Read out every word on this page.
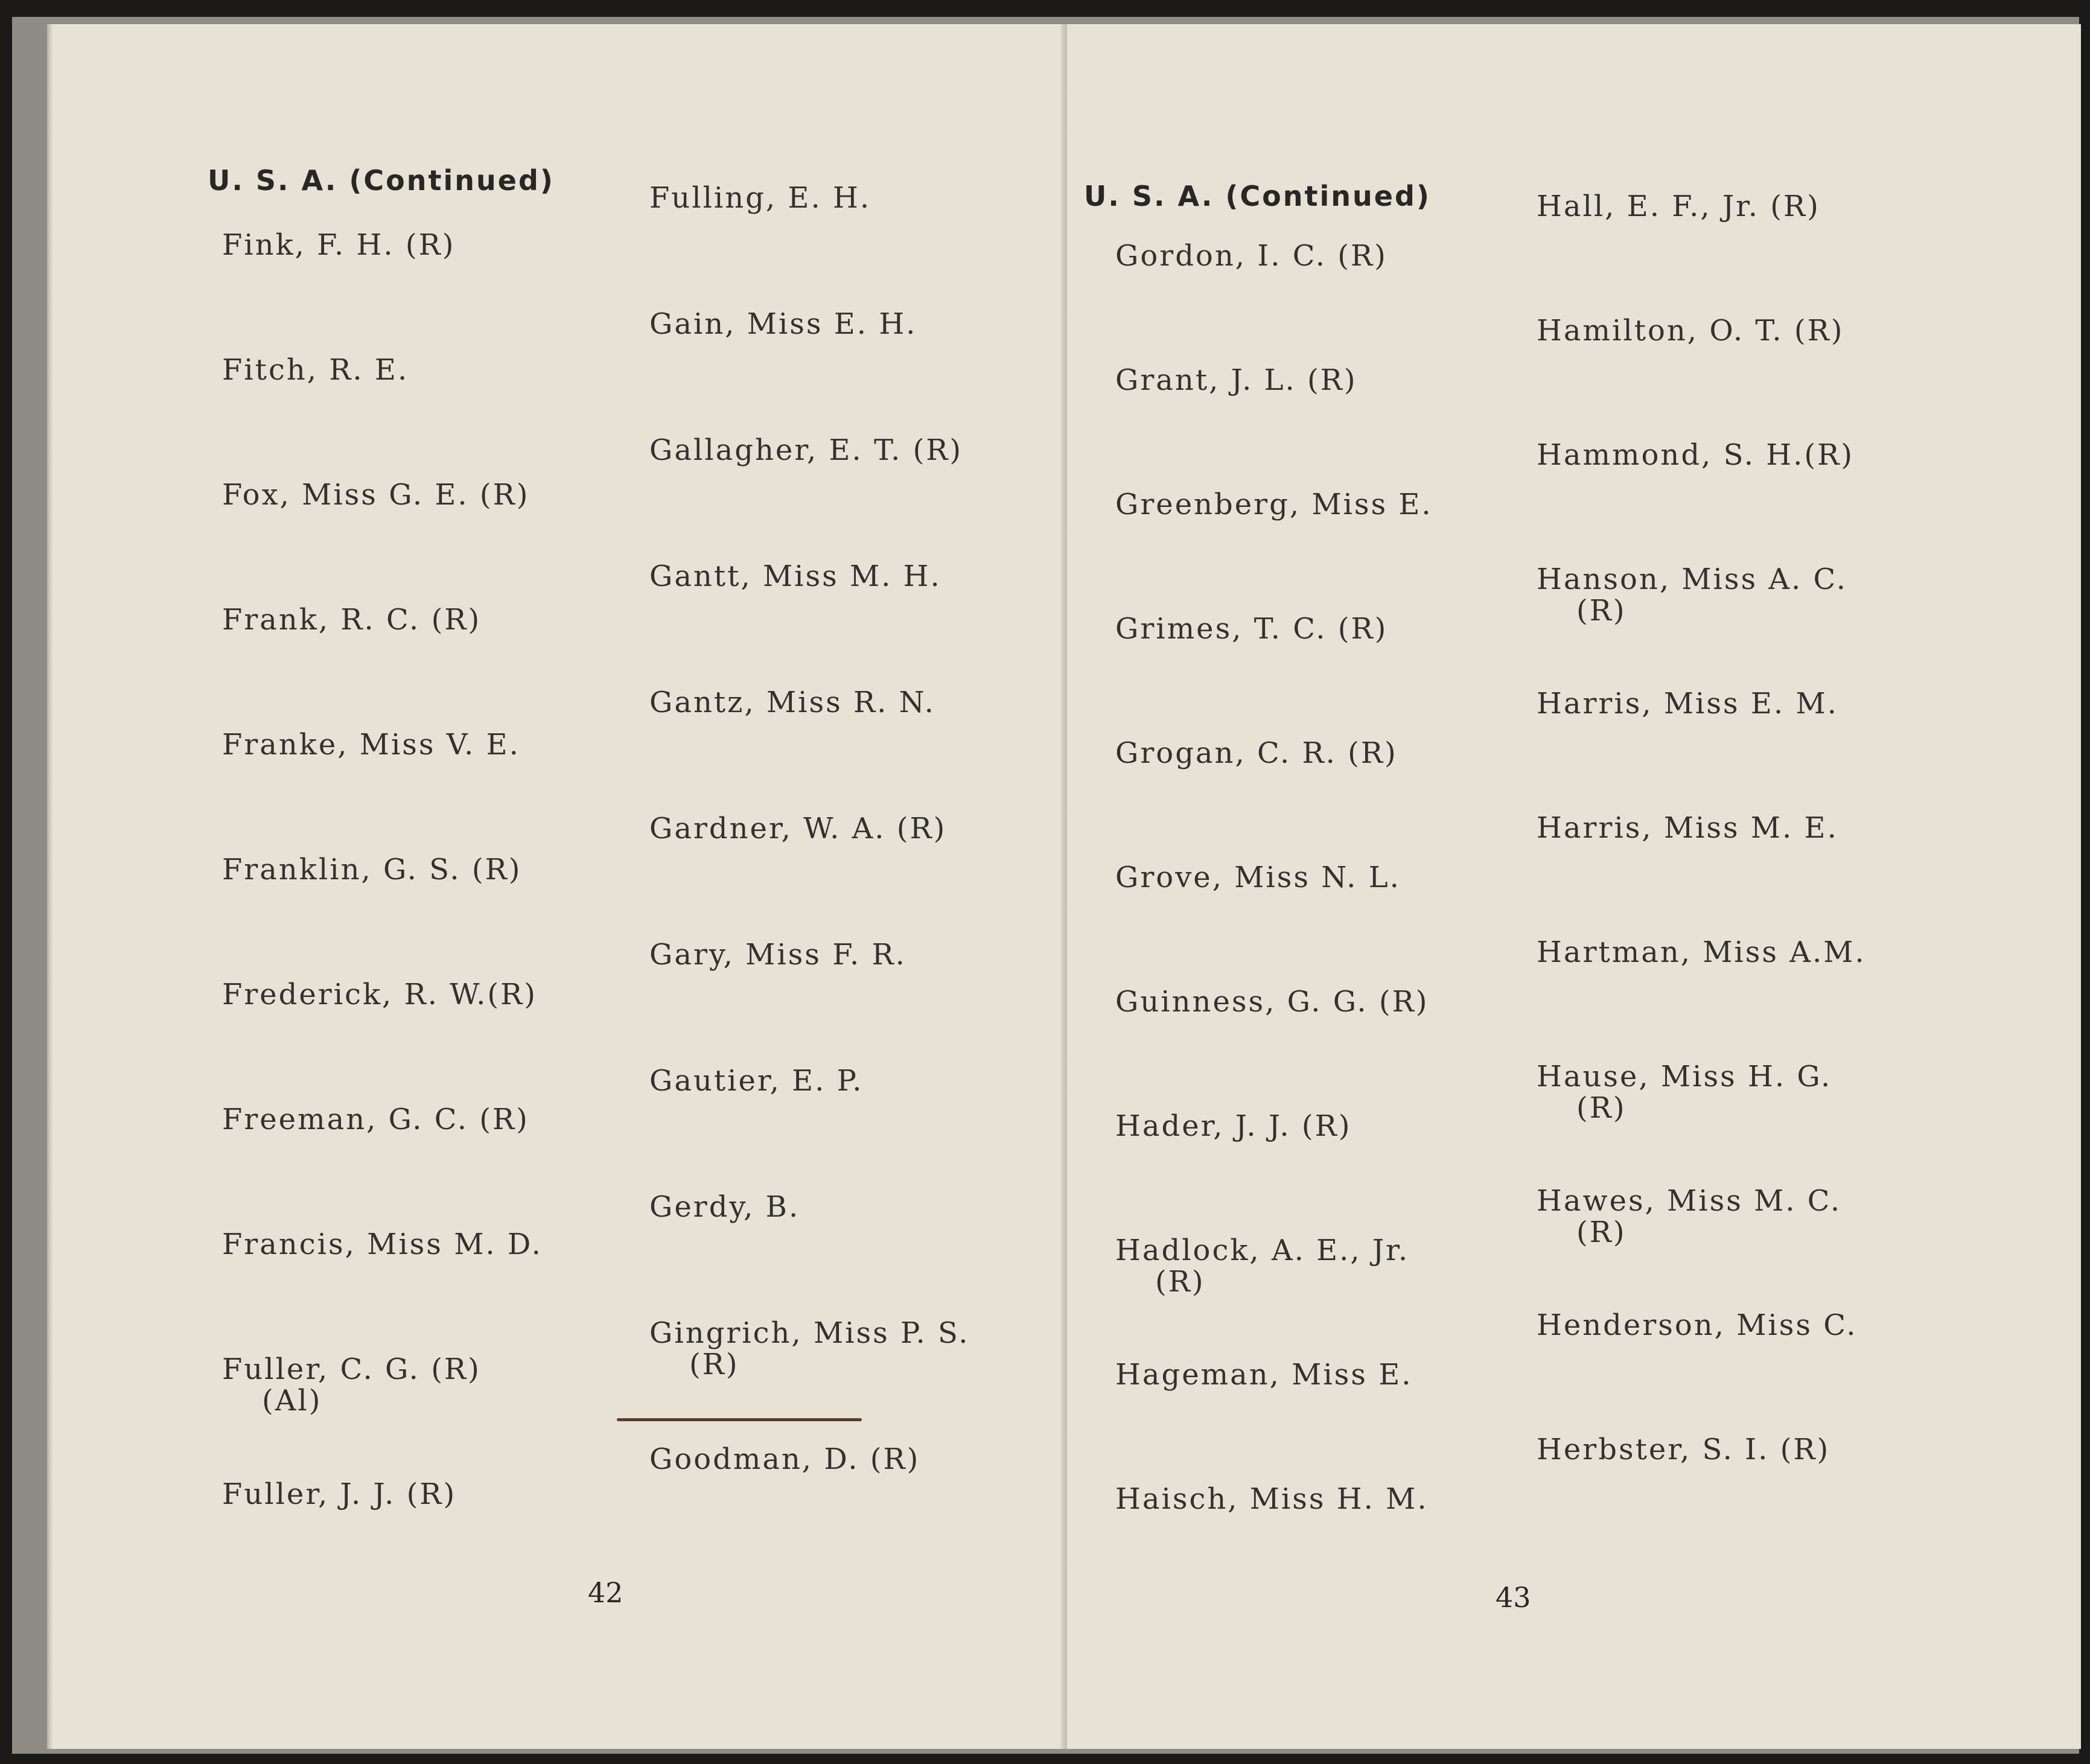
U. S. A. (Continued)
Fink, F. H. (R)
Fitch, R. E.
Fox, Miss G. E. (R)
Frank, R. C. (R)
Franke, Miss V. E.
Franklin, G. S. (R)
Frederick, R. W.(R)
Freeman, G. C. (R)
Francis, Miss M. D.
Fuller, C. G. (R)
(Al)
Fuller, J. J. (R)
Fulling, E. H.
Gain, Miss E. H.
Gallagher, E. T. (R)
Gantt, Miss M. H.
Gantz, Miss R. N.
Gardner, W. A. (R)
Gary, Miss F. R.
Gautier, E. P.
Gerdy, B.
Gingrich, Miss P. S.
(R)
Goodman, D. (R)
42
U. S. A. (Continued)
Gordon, I. C. (R)
Grant, J. L. (R)
Greenberg, Miss E.
Grimes, T. C. (R)
Grogan, C. R. (R)
Grove, Miss N. L.
Guinness, G. G. (R)
Hader, J. J. (R)
Hadlock, A. E., Jr.
(R)
Hageman, Miss E.
Haisch, Miss H. M.
Hall, E. F., Jr. (R)
Hamilton, O. T. (R)
Hammond, S. H.(R)
Hanson, Miss A. C.
(R)
Harris, Miss E. M.
Harris, Miss M. E.
Hartman, Miss A.M.
Hause, Miss H. G.
(R)
Hawes, Miss M. C.
(R)
Henderson, Miss C.
Herbster, S. I. (R)
43
